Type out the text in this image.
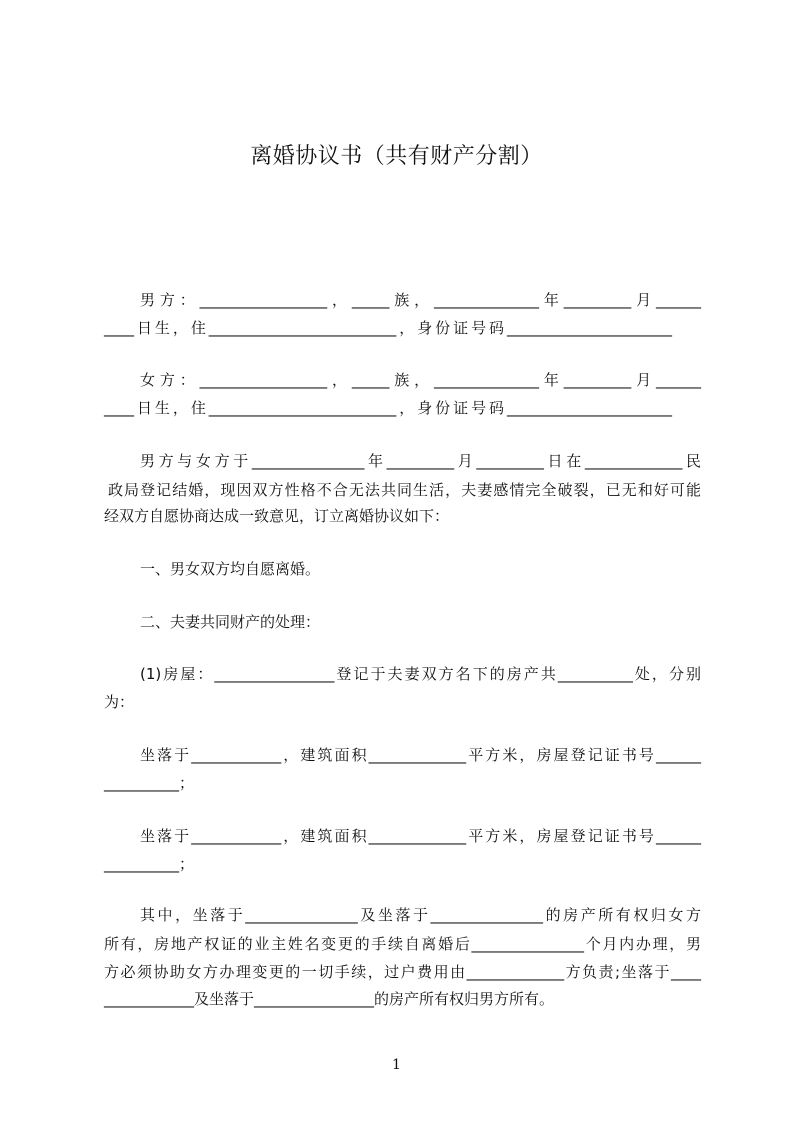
离婚协议书（共有财产分割）
男方：_________________，_____族，______________年_________月______
____日生，住_________________________，身份证号码______________________
女方：_________________，_____族，______________年_________月______
____日生，住_________________________，身份证号码______________________
男方与女方于_______________年_________月_________日在_____________民
政局登记结婚，现因双方性格不合无法共同生活，夫妻感情完全破裂，已无和好可能
经双方自愿协商达成一致意见，订立离婚协议如下：
一、男女双方均自愿离婚。
二、夫妻共同财产的处理：
(1)房屋：________________登记于夫妻双方名下的房产共__________处，分别
为：
坐落于____________，建筑面积_____________平方米，房屋登记证书号______
__________；
坐落于____________，建筑面积_____________平方米，房屋登记证书号______
__________；
其中，坐落于_______________及坐落于_______________的房产所有权归女方
所有，房地产权证的业主姓名变更的手续自离婚后_______________个月内办理，男
方必须协助女方办理变更的一切手续，过户费用由_____________方负责;坐落于____
____________及坐落于________________的房产所有权归男方所有。
1
